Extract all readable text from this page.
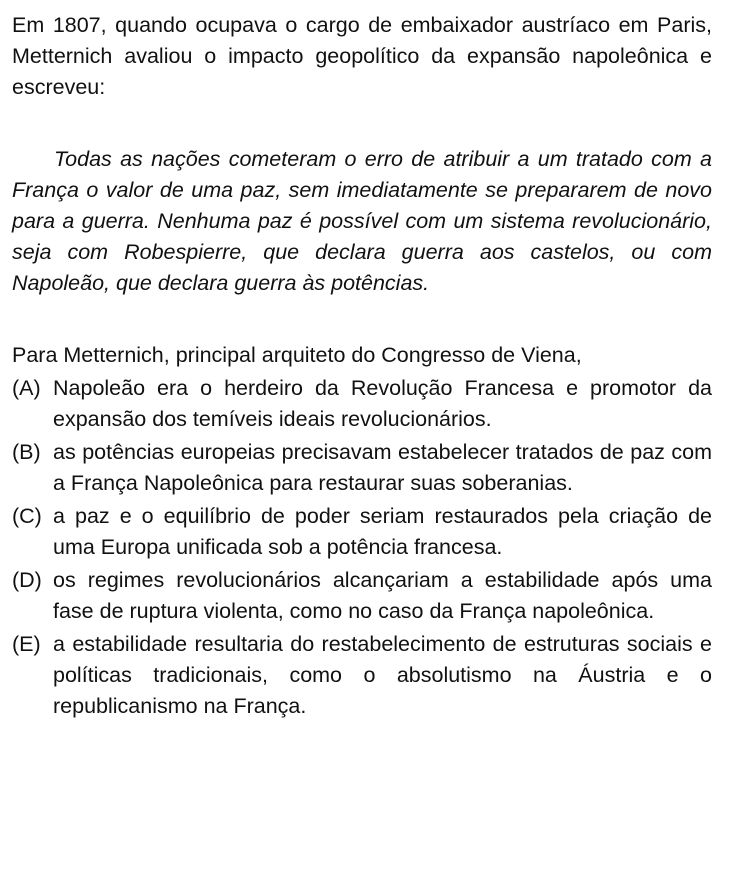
Em 1807, quando ocupava o cargo de embaixador austríaco em Paris, Metternich avaliou o impacto geopolítico da expansão napoleônica e escreveu:

Todas as nações cometeram o erro de atribuir a um tratado com a França o valor de uma paz, sem imediatamente se prepararem de novo para a guerra. Nenhuma paz é possível com um sistema revolucionário, seja com Robespierre, que declara guerra aos castelos, ou com Napoleão, que declara guerra às potências.

Para Metternich, principal arquiteto do Congresso de Viena,

(A) Napoleão era o herdeiro da Revolução Francesa e promotor da expansão dos temíveis ideais revolucionários.
(B) as potências europeias precisavam estabelecer tratados de paz com a França Napoleônica para restaurar suas soberanias.
(C) a paz e o equilíbrio de poder seriam restaurados pela criação de uma Europa unificada sob a potência francesa.
(D) os regimes revolucionários alcançariam a estabilidade após uma fase de ruptura violenta, como no caso da França napoleônica.
(E) a estabilidade resultaria do restabelecimento de estruturas sociais e políticas tradicionais, como o absolutismo na Áustria e o republicanismo na França.
